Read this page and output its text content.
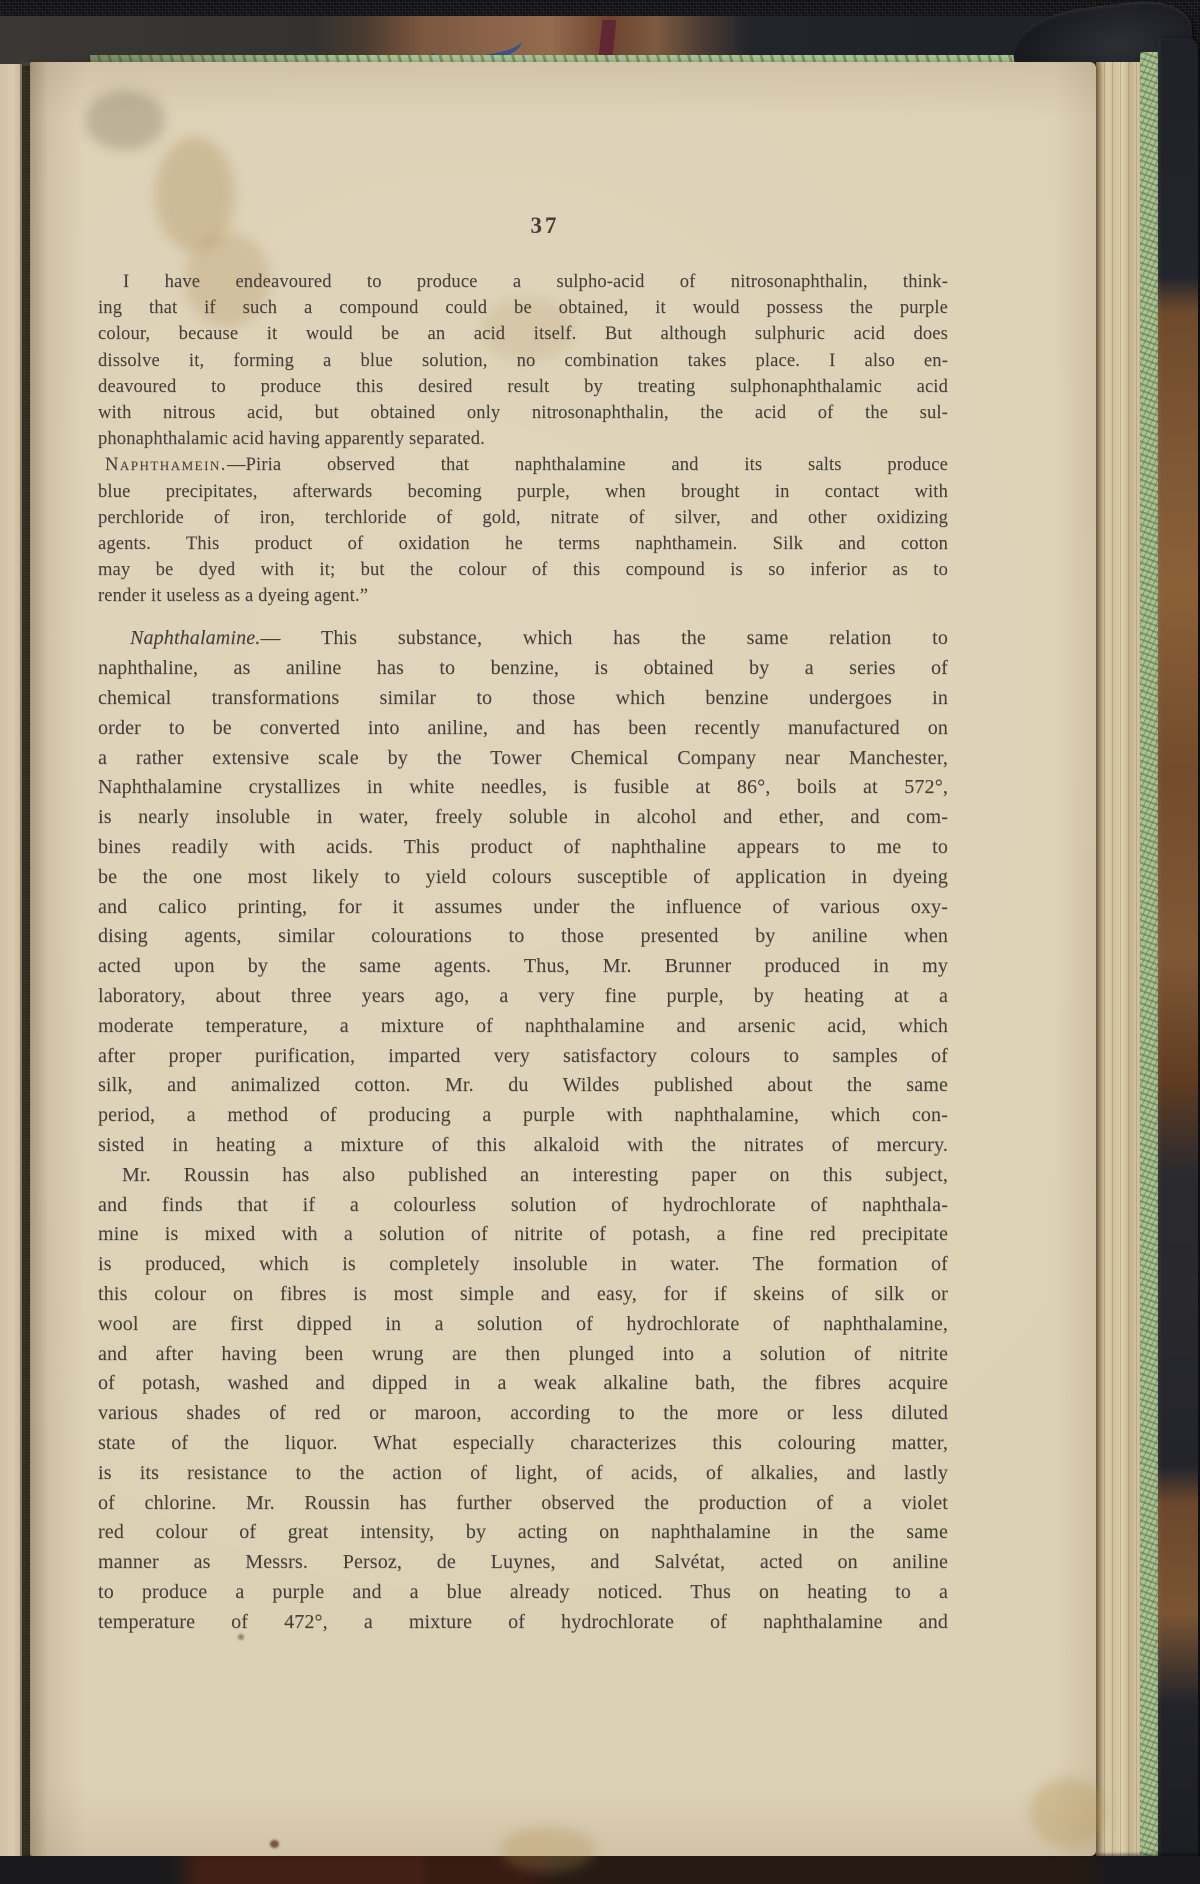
37
I have endeavoured to produce a sulpho-acid of nitrosonaphthalin, think-
ing that if such a compound could be obtained, it would possess the purple
colour, because it would be an acid itself. But although sulphuric acid does
dissolve it, forming a blue solution, no combination takes place. I also en-
deavoured to produce this desired result by treating sulphonaphthalamic acid
with nitrous acid, but obtained only nitrosonaphthalin, the acid of the sul-
phonaphthalamic acid having apparently separated.
Naphthamein.—Piria observed that naphthalamine and its salts produce
blue precipitates, afterwards becoming purple, when brought in contact with
perchloride of iron, terchloride of gold, nitrate of silver, and other oxidizing
agents. This product of oxidation he terms naphthamein. Silk and cotton
may be dyed with it; but the colour of this compound is so inferior as to
render it useless as a dyeing agent.”
Naphthalamine.— This substance, which has the same relation to
naphthaline, as aniline has to benzine, is obtained by a series of
chemical transformations similar to those which benzine undergoes in
order to be converted into aniline, and has been recently manufactured on
a rather extensive scale by the Tower Chemical Company near Manchester,
Naphthalamine crystallizes in white needles, is fusible at 86°, boils at 572°,
is nearly insoluble in water, freely soluble in alcohol and ether, and com-
bines readily with acids. This product of naphthaline appears to me to
be the one most likely to yield colours susceptible of application in dyeing
and calico printing, for it assumes under the influence of various oxy-
dising agents, similar colourations to those presented by aniline when
acted upon by the same agents. Thus, Mr. Brunner produced in my
laboratory, about three years ago, a very fine purple, by heating at a
moderate temperature, a mixture of naphthalamine and arsenic acid, which
after proper purification, imparted very satisfactory colours to samples of
silk, and animalized cotton. Mr. du Wildes published about the same
period, a method of producing a purple with naphthalamine, which con-
sisted in heating a mixture of this alkaloid with the nitrates of mercury.
Mr. Roussin has also published an interesting paper on this subject,
and finds that if a colourless solution of hydrochlorate of naphthala-
mine is mixed with a solution of nitrite of potash, a fine red precipitate
is produced, which is completely insoluble in water. The formation of
this colour on fibres is most simple and easy, for if skeins of silk or
wool are first dipped in a solution of hydrochlorate of naphthalamine,
and after having been wrung are then plunged into a solution of nitrite
of potash, washed and dipped in a weak alkaline bath, the fibres acquire
various shades of red or maroon, according to the more or less diluted
state of the liquor. What especially characterizes this colouring matter,
is its resistance to the action of light, of acids, of alkalies, and lastly
of chlorine. Mr. Roussin has further observed the production of a violet
red colour of great intensity, by acting on naphthalamine in the same
manner as Messrs. Persoz, de Luynes, and Salvétat, acted on aniline
to produce a purple and a blue already noticed. Thus on heating to a
temperature of 472°, a mixture of hydrochlorate of naphthalamine and
